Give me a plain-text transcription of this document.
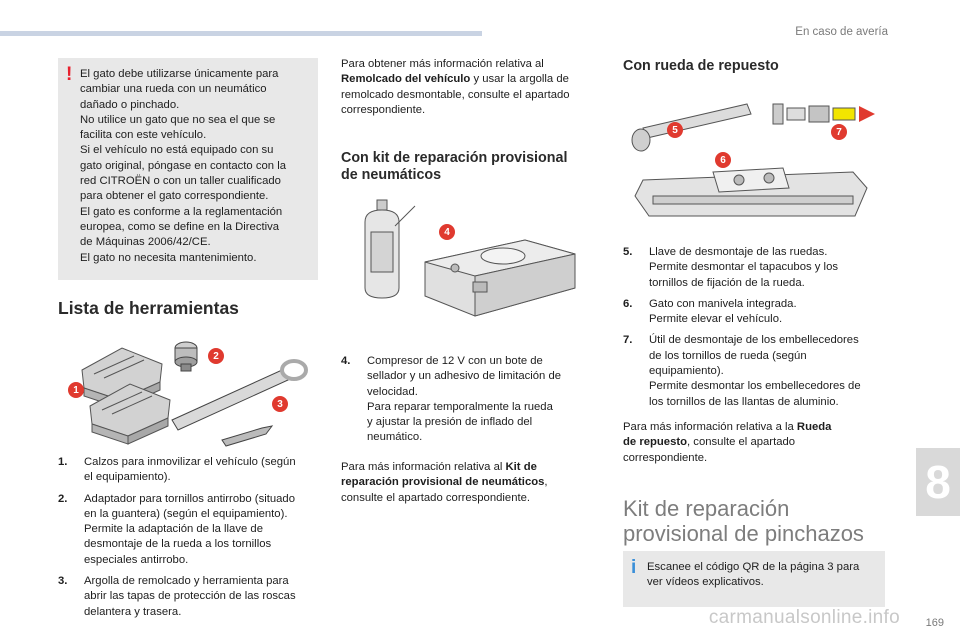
En caso de avería
8
carmanualsonline.info 169
! El gato debe utilizarse únicamente para
cambiar una rueda con un neumático
dañado o pinchado.
No utilice un gato que no sea el que se
facilita con este vehículo.
Si el vehículo no está equipado con su
gato original, póngase en contacto con la
red CITROËN o con un taller cualificado
para obtener el gato correspondiente.
El gato es conforme a la reglamentación
europea, como se define en la Directiva
de Máquinas 2006/42/CE.
El gato no necesita mantenimiento.
Lista de herramientas
1
2
3
1.	Calzos para inmovilizar el vehículo (según
el equipamiento).
2.	Adaptador para tornillos antirrobo (situado
en la guantera) (según el equipamiento).
Permite la adaptación de la llave de
desmontaje de la rueda a los tornillos
especiales antirrobo.
3.	Argolla de remolcado y herramienta para
abrir las tapas de protección de las roscas
delantera y trasera.
Para obtener más información relativa al
Remolcado del vehículo y usar la argolla de
remolcado desmontable, consulte el apartado
correspondiente.
Con kit de reparación provisional
de neumáticos
4
4.	Compresor de 12 V con un bote de
sellador y un adhesivo de limitación de
velocidad.
Para reparar temporalmente la rueda
y ajustar la presión de inflado del
neumático.
Para más información relativa al Kit de
reparación provisional de neumáticos,
consulte el apartado correspondiente.
Con rueda de repuesto
5
6
7
5.	Llave de desmontaje de las ruedas.
Permite desmontar el tapacubos y los
tornillos de fijación de la rueda.
6.	Gato con manivela integrada.
Permite elevar el vehículo.
7.	Útil de desmontaje de los embellecedores
de los tornillos de rueda (según
equipamiento).
Permite desmontar los embellecedores de
los tornillos de las llantas de aluminio.
Para más información relativa a la Rueda
de repuesto, consulte el apartado
correspondiente.
Kit de reparación
provisional de pinchazos
i Escanee el código QR de la página 3 para
ver vídeos explicativos.
